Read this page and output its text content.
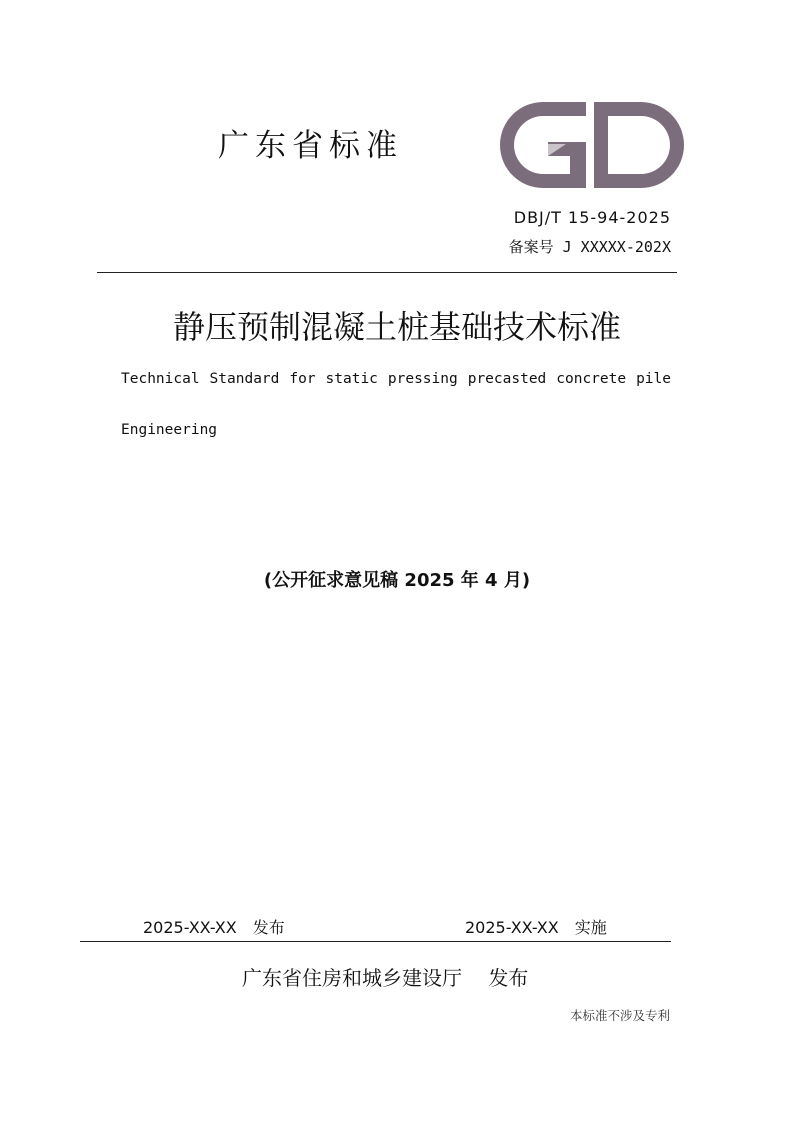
广东省标准
DBJ/T 15-94-2025
备案号 J XXXXX-202X
静压预制混凝土桩基础技术标准
Technical Standard for static pressing precasted concrete pile
Engineering
(公开征求意见稿 2025 年 4 月)
2025-XX-XX　发布	2025-XX-XX　实施
广东省住房和城乡建设厅　 发布
本标准不涉及专利
